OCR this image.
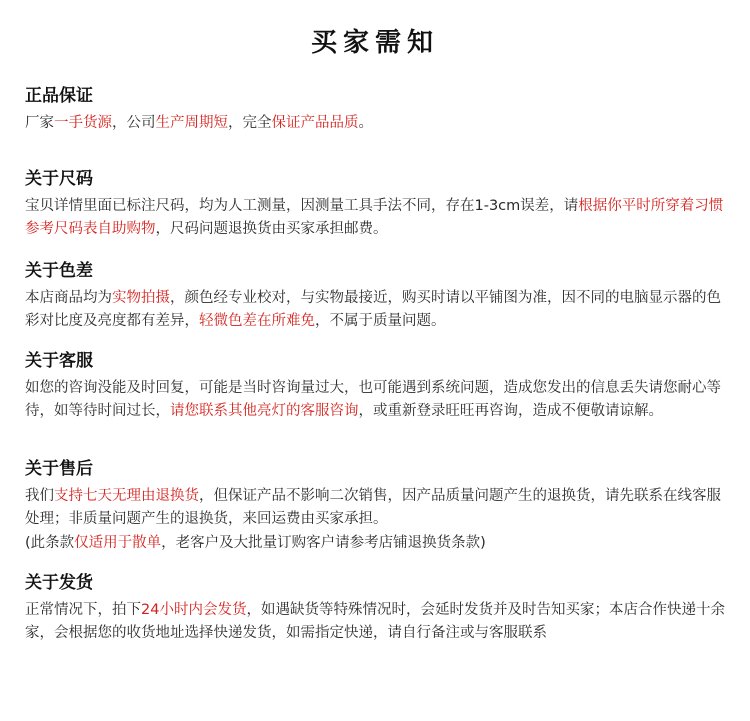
买家需知
正品保证

厂家一手货源，公司生产周期短，完全保证产品品质。

关于尺码

宝贝详情里面已标注尺码，均为人工测量，因测量工具手法不同，存在1-3cm误差，请根据你平时所穿着习惯参考尺码表自助购物，尺码问题退换货由买家承担邮费。

关于色差

本店商品均为实物拍摄，颜色经专业校对，与实物最接近，购买时请以平铺图为准，因不同的电脑显示器的色彩对比度及亮度都有差异，轻微色差在所难免，不属于质量问题。

关于客服

如您的咨询没能及时回复，可能是当时咨询量过大，也可能遇到系统问题，造成您发出的信息丢失请您耐心等待，如等待时间过长，请您联系其他亮灯的客服咨询，或重新登录旺旺再咨询，造成不便敬请谅解。

关于售后

我们支持七天无理由退换货，但保证产品不影响二次销售，因产品质量问题产生的退换货，请先联系在线客服处理；非质量问题产生的退换货，来回运费由买家承担。

(此条款仅适用于散单，老客户及大批量订购客户请参考店铺退换货条款)

关于发货

正常情况下，拍下24小时内会发货，如遇缺货等特殊情况时，会延时发货并及时告知买家；本店合作快递十余家，会根据您的收货地址选择快递发货，如需指定快递，请自行备注或与客服联系
